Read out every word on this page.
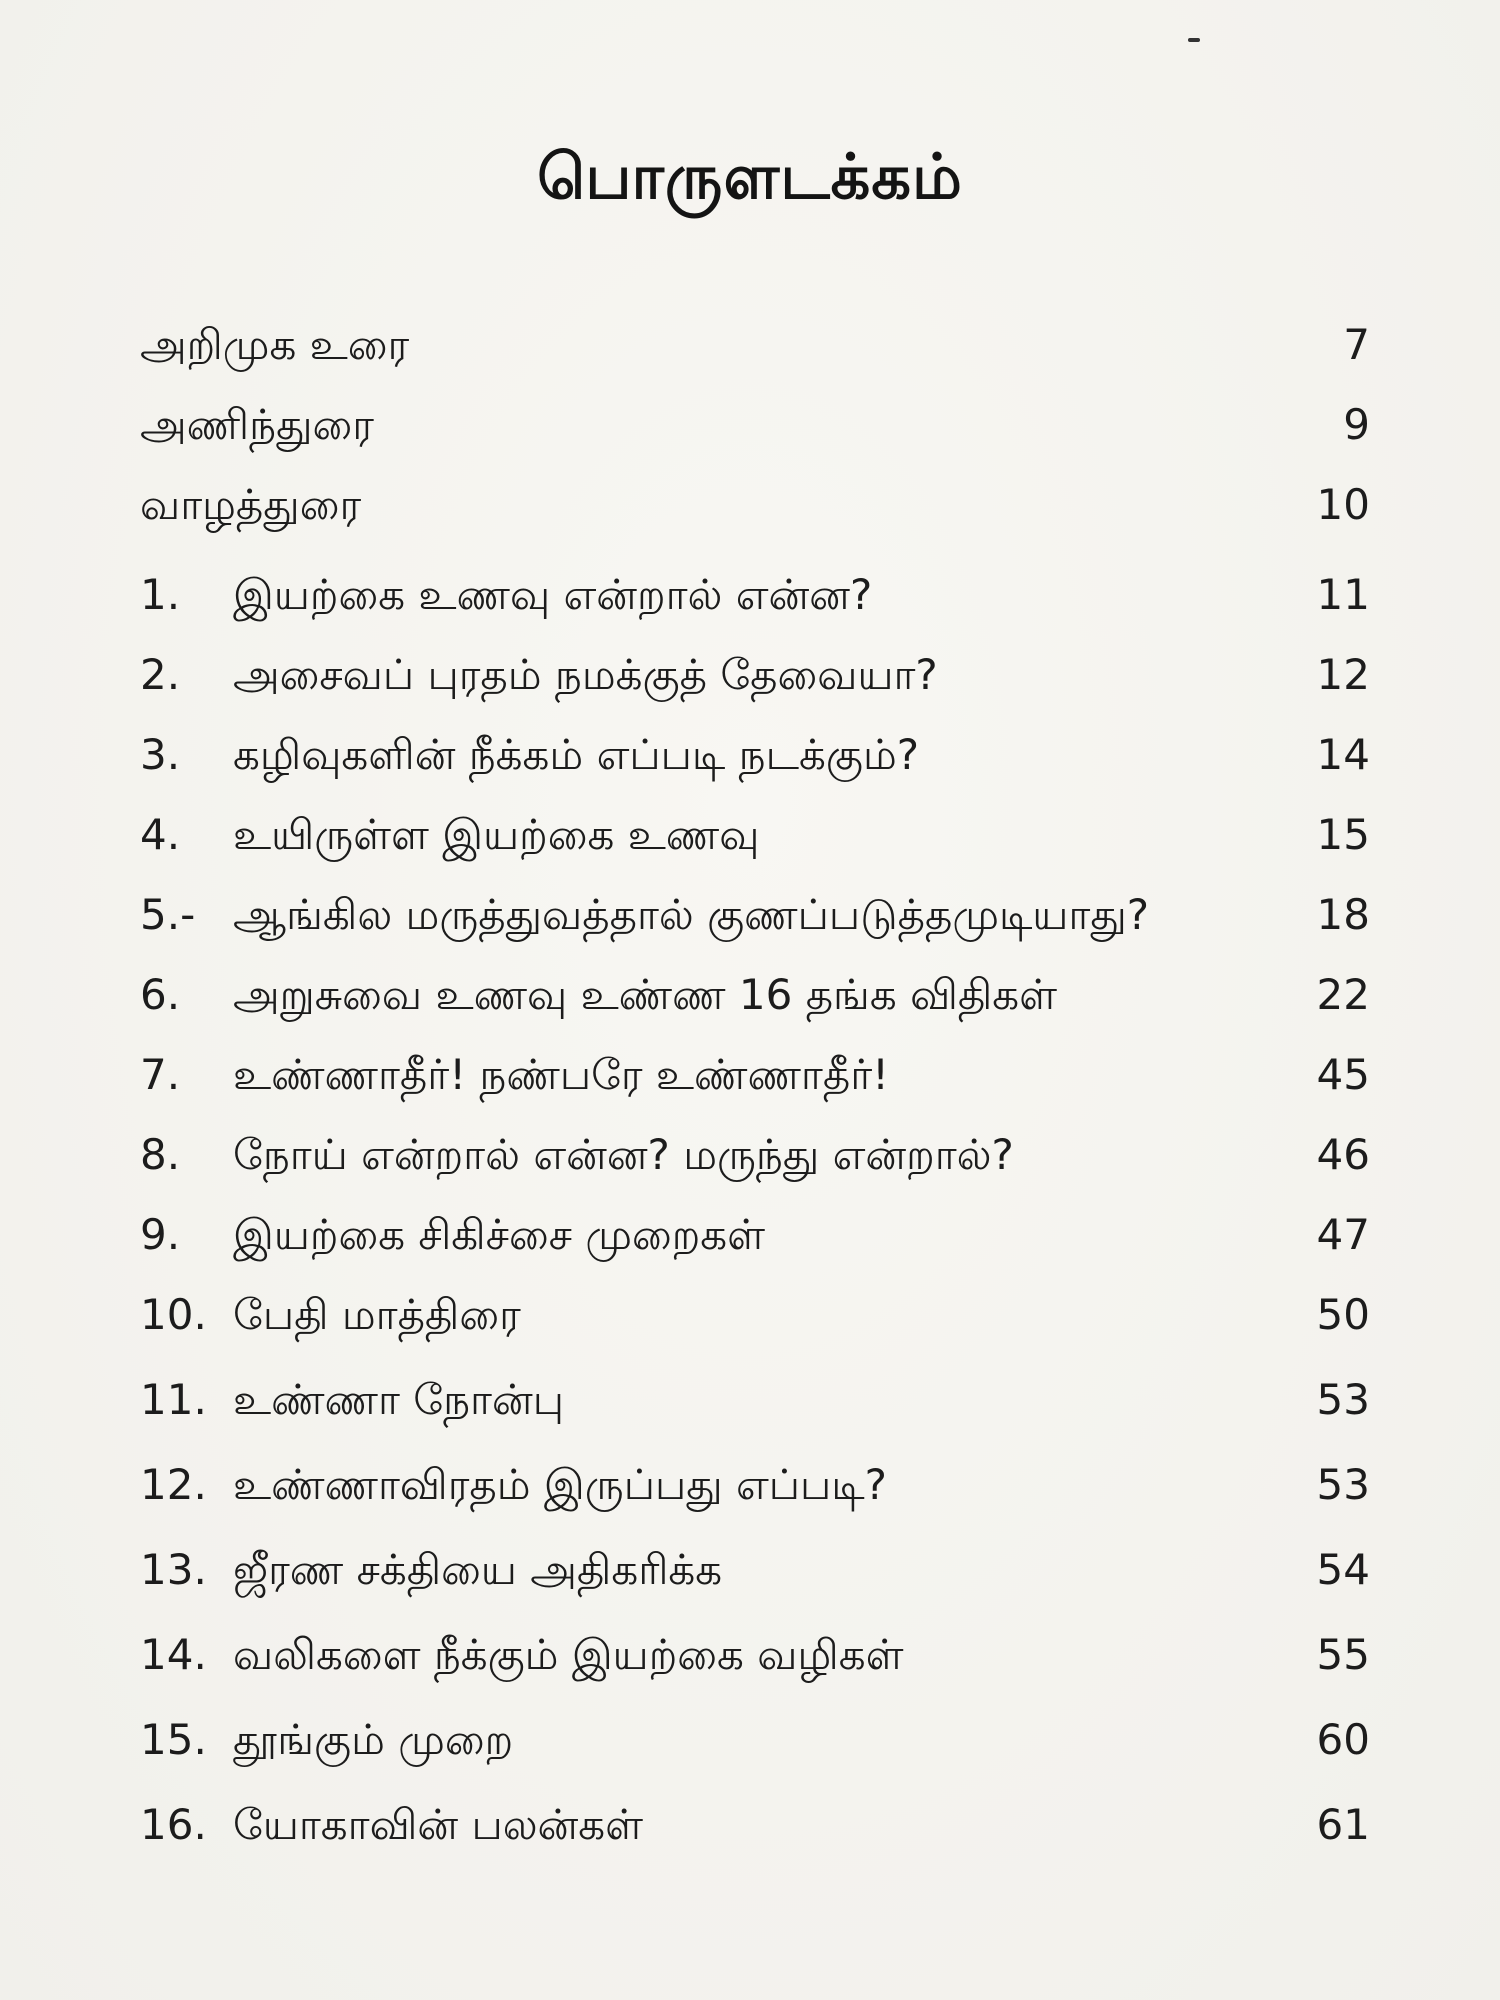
பொருளடக்கம்
அறிமுக உரை	7
அணிந்துரை	9
வாழத்துரை	10
1. இயற்கை உணவு என்றால் என்ன?	11
2. அசைவப் புரதம் நமக்குத் தேவையா?	12
3. கழிவுகளின் நீக்கம் எப்படி நடக்கும்?	14
4. உயிருள்ள இயற்கை உணவு	15
5.- ஆங்கில மருத்துவத்தால் குணப்படுத்தமுடியாது?	18
6. அறுசுவை உணவு உண்ண 16 தங்க விதிகள்	22
7. உண்ணாதீர்! நண்பரே உண்ணாதீர்!	45
8. நோய் என்றால் என்ன? மருந்து என்றால்?	46
9. இயற்கை சிகிச்சை முறைகள்	47
10. பேதி மாத்திரை	50
11. உண்ணா நோன்பு	53
12. உண்ணாவிரதம் இருப்பது எப்படி?	53
13. ஜீரண சக்தியை அதிகரிக்க	54
14. வலிகளை நீக்கும் இயற்கை வழிகள்	55
15. தூங்கும் முறை	60
16. யோகாவின் பலன்கள்	61
